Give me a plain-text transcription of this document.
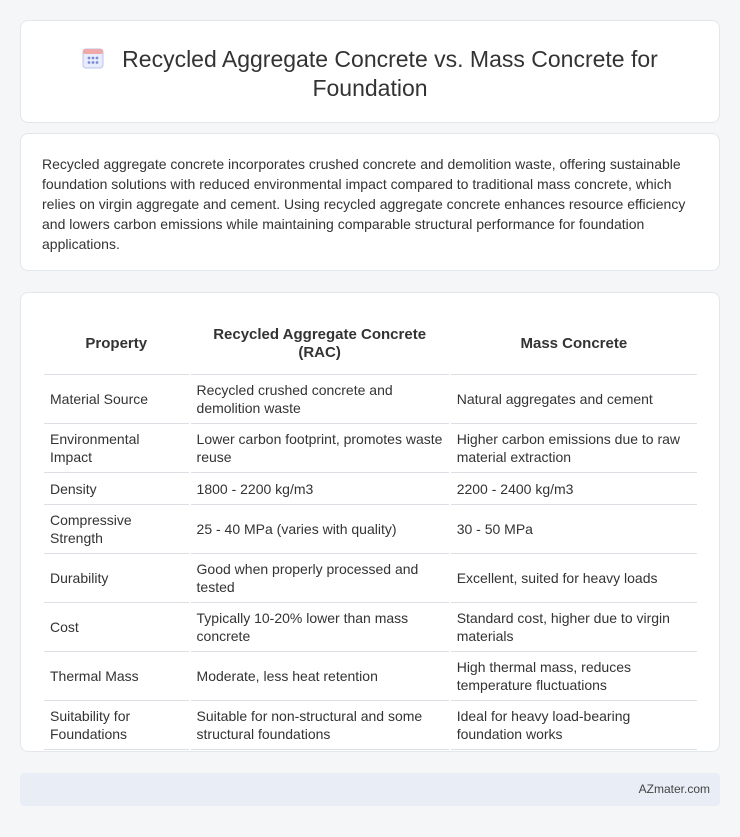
Recycled Aggregate Concrete vs. Mass Concrete for Foundation

Recycled aggregate concrete incorporates crushed concrete and demolition waste, offering sustainable foundation solutions with reduced environmental impact compared to traditional mass concrete, which relies on virgin aggregate and cement. Using recycled aggregate concrete enhances resource efficiency and lowers carbon emissions while maintaining comparable structural performance for foundation applications.

Property	Recycled Aggregate Concrete (RAC)	Mass Concrete
Material Source	Recycled crushed concrete and demolition waste	Natural aggregates and cement
Environmental Impact	Lower carbon footprint, promotes waste reuse	Higher carbon emissions due to raw material extraction
Density	1800 - 2200 kg/m3	2200 - 2400 kg/m3
Compressive Strength	25 - 40 MPa (varies with quality)	30 - 50 MPa
Durability	Good when properly processed and tested	Excellent, suited for heavy loads
Cost	Typically 10-20% lower than mass concrete	Standard cost, higher due to virgin materials
Thermal Mass	Moderate, less heat retention	High thermal mass, reduces temperature fluctuations
Suitability for Foundations	Suitable for non-structural and some structural foundations	Ideal for heavy load-bearing foundation works
AZmater.com
